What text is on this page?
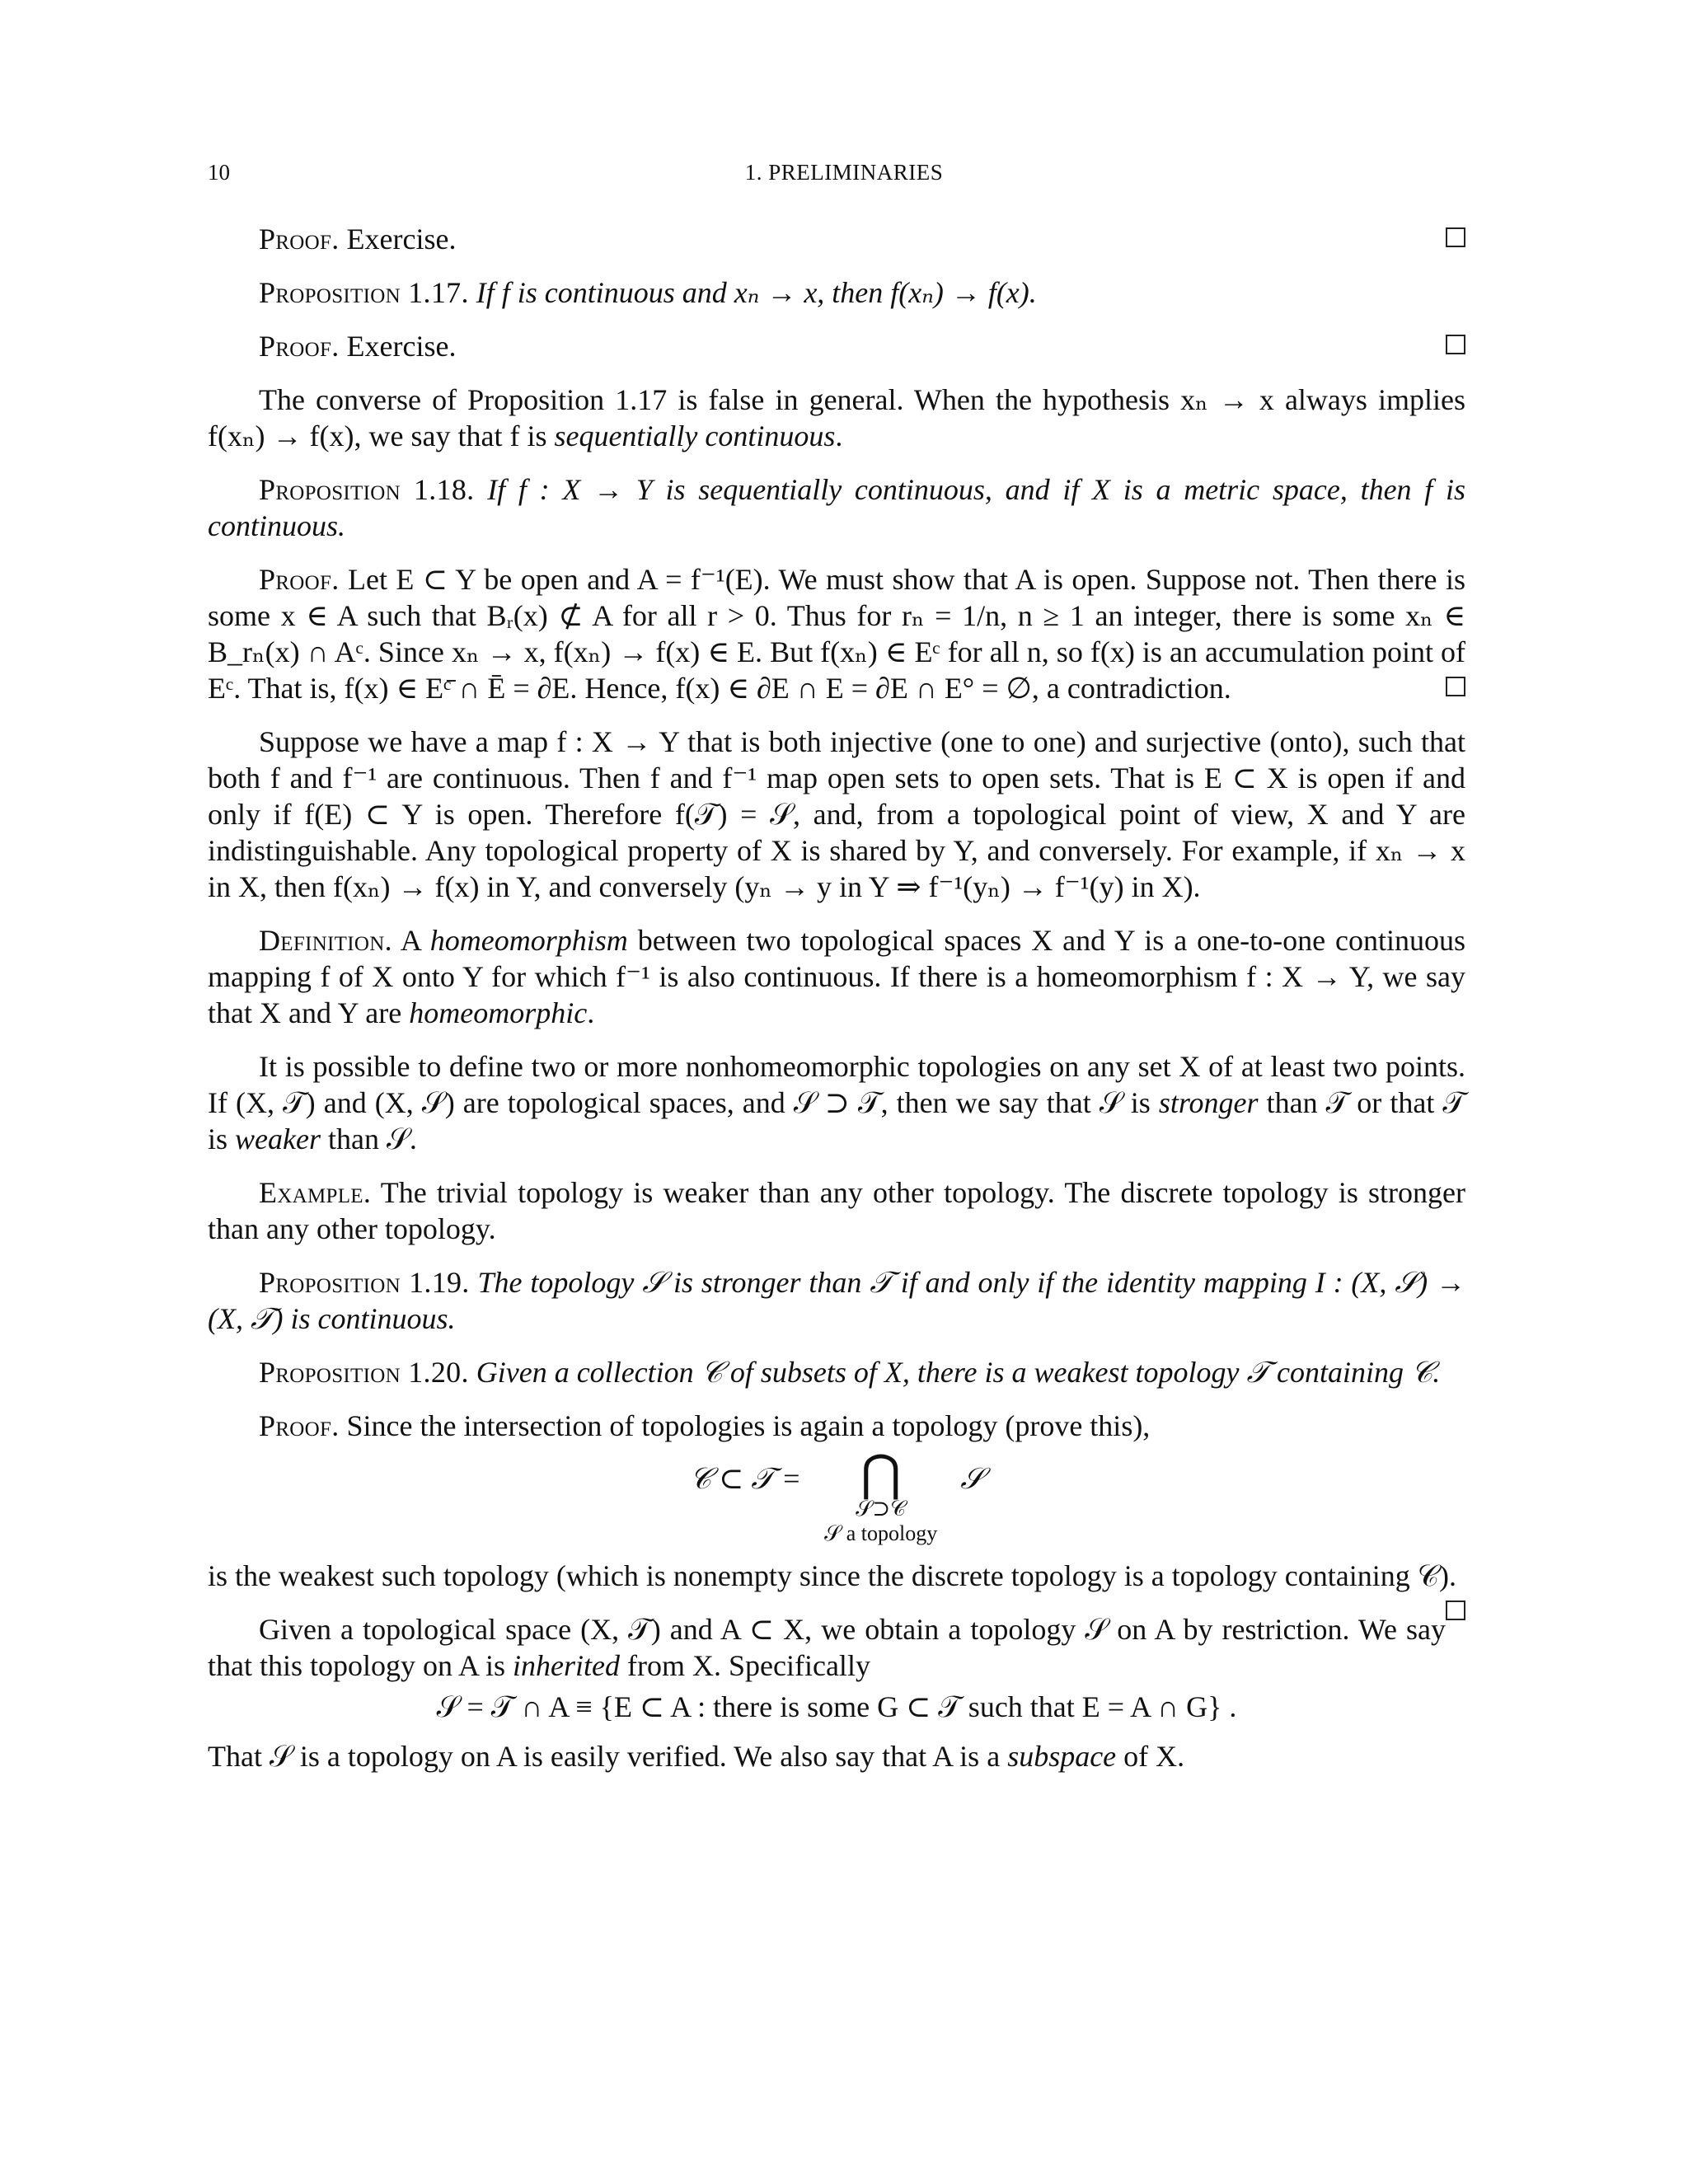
10	1. PRELIMINARIES

Proof. Exercise.

Proposition 1.17. If f is continuous and xₙ → x, then f(xₙ) → f(x).

Proof. Exercise.

The converse of Proposition 1.17 is false in general. When the hypothesis xₙ → x always implies f(xₙ) → f(x), we say that f is sequentially continuous.

Proposition 1.18. If f : X → Y is sequentially continuous, and if X is a metric space, then f is continuous.

Proof. Let E ⊂ Y be open and A = f⁻¹(E). We must show that A is open. Suppose not. Then there is some x ∈ A such that Bᵣ(x) ⊄ A for all r > 0. Thus for rₙ = 1/n, n ≥ 1 an integer, there is some xₙ ∈ B_rₙ(x) ∩ Aᶜ. Since xₙ → x, f(xₙ) → f(x) ∈ E. But f(xₙ) ∈ Eᶜ for all n, so f(x) is an accumulation point of Eᶜ. That is, f(x) ∈ Eᶜ̄ ∩ Ē = ∂E. Hence, f(x) ∈ ∂E ∩ E = ∂E ∩ E° = ∅, a contradiction.

Suppose we have a map f : X → Y that is both injective (one to one) and surjective (onto), such that both f and f⁻¹ are continuous. Then f and f⁻¹ map open sets to open sets. That is E ⊂ X is open if and only if f(E) ⊂ Y is open. Therefore f(𝒯) = 𝒮, and, from a topological point of view, X and Y are indistinguishable. Any topological property of X is shared by Y, and conversely. For example, if xₙ → x in X, then f(xₙ) → f(x) in Y, and conversely (yₙ → y in Y ⇒ f⁻¹(yₙ) → f⁻¹(y) in X).

Definition. A homeomorphism between two topological spaces X and Y is a one-to-one continuous mapping f of X onto Y for which f⁻¹ is also continuous. If there is a homeomorphism f : X → Y, we say that X and Y are homeomorphic.

It is possible to define two or more nonhomeomorphic topologies on any set X of at least two points. If (X, 𝒯) and (X, 𝒮) are topological spaces, and 𝒮 ⊃ 𝒯, then we say that 𝒮 is stronger than 𝒯 or that 𝒯 is weaker than 𝒮.

Example. The trivial topology is weaker than any other topology. The discrete topology is stronger than any other topology.

Proposition 1.19. The topology 𝒮 is stronger than 𝒯 if and only if the identity mapping I : (X, 𝒮) → (X, 𝒯) is continuous.

Proposition 1.20. Given a collection 𝒞 of subsets of X, there is a weakest topology 𝒯 containing 𝒞.

Proof. Since the intersection of topologies is again a topology (prove this),

𝒞 ⊂ 𝒯 = ⋂
𝒮⊃𝒞
𝒮 a topology
𝒮

is the weakest such topology (which is nonempty since the discrete topology is a topology containing 𝒞).

Given a topological space (X, 𝒯) and A ⊂ X, we obtain a topology 𝒮 on A by restriction. We say that this topology on A is inherited from X. Specifically

𝒮 = 𝒯 ∩ A ≡ {E ⊂ A : there is some G ⊂ 𝒯 such that E = A ∩ G} .

That 𝒮 is a topology on A is easily verified. We also say that A is a subspace of X.
